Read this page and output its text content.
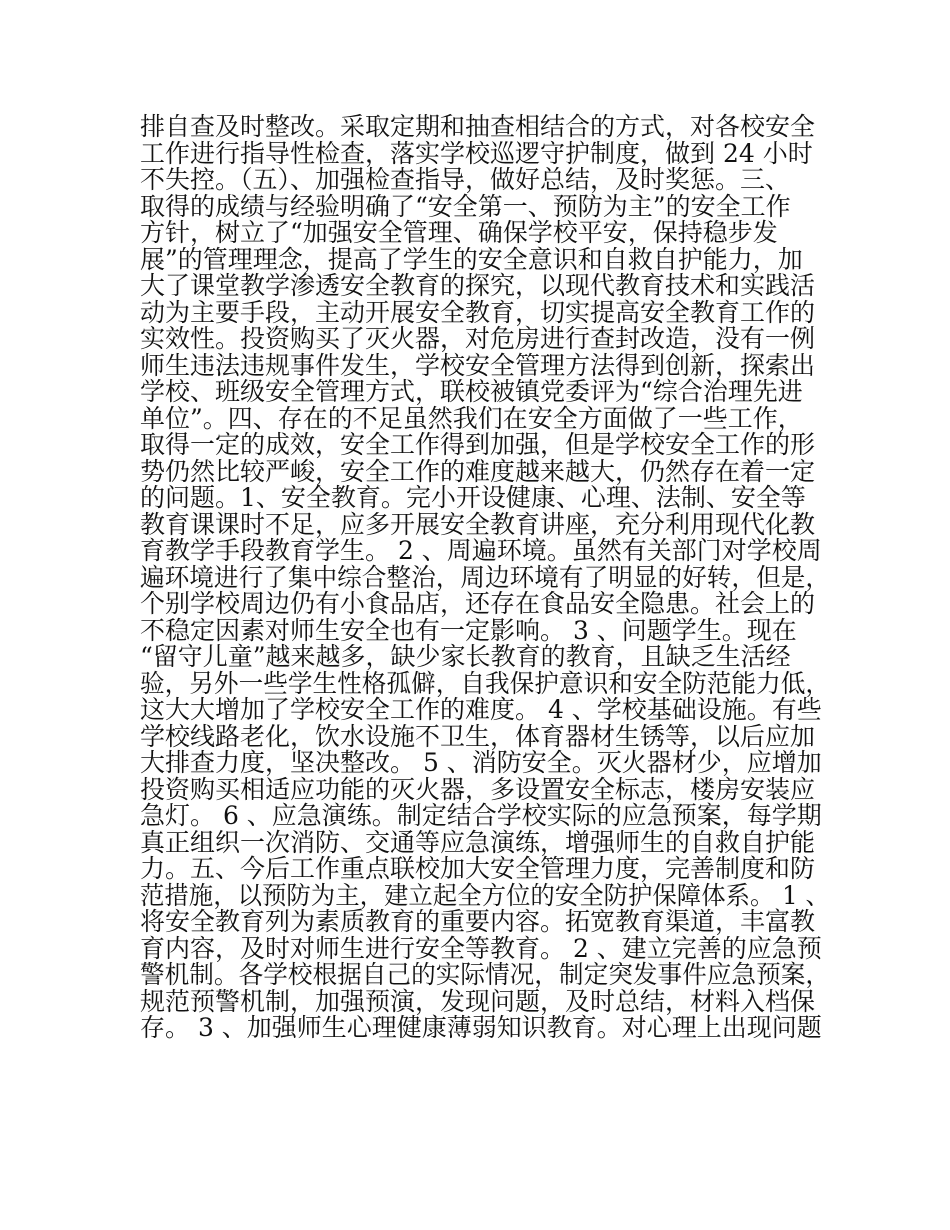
排自查及时整改。采取定期和抽查相结合的方式，对各校安全
工作进行指导性检查，落实学校巡逻守护制度，做到 24 小时
不失控。（五）、加强检查指导，做好总结，及时奖惩。三、
取得的成绩与经验明确了“安全第一、预防为主”的安全工作
方针，树立了“加强安全管理、确保学校平安，保持稳步发
展”的管理理念，提高了学生的安全意识和自救自护能力，加
大了课堂教学渗透安全教育的探究，以现代教育技术和实践活
动为主要手段，主动开展安全教育，切实提高安全教育工作的
实效性。投资购买了灭火器，对危房进行查封改造，没有一例
师生违法违规事件发生，学校安全管理方法得到创新，探索出
学校、班级安全管理方式，联校被镇党委评为“综合治理先进
单位”。四、存在的不足虽然我们在安全方面做了一些工作，
取得一定的成效，安全工作得到加强，但是学校安全工作的形
势仍然比较严峻，安全工作的难度越来越大，仍然存在着一定
的问题。1、安全教育。完小开设健康、心理、法制、安全等
教育课课时不足，应多开展安全教育讲座，充分利用现代化教
育教学手段教育学生。 2 、周遍环境。虽然有关部门对学校周
遍环境进行了集中综合整治，周边环境有了明显的好转，但是，
个别学校周边仍有小食品店，还存在食品安全隐患。社会上的
不稳定因素对师生安全也有一定影响。 3 、问题学生。现在
“留守儿童”越来越多，缺少家长教育的教育，且缺乏生活经
验，另外一些学生性格孤僻，自我保护意识和安全防范能力低，
这大大增加了学校安全工作的难度。 4 、学校基础设施。有些
学校线路老化，饮水设施不卫生，体育器材生锈等，以后应加
大排查力度，坚决整改。 5 、消防安全。灭火器材少，应增加
投资购买相适应功能的灭火器，多设置安全标志，楼房安装应
急灯。 6 、应急演练。制定结合学校实际的应急预案，每学期
真正组织一次消防、交通等应急演练，增强师生的自救自护能
力。五、今后工作重点联校加大安全管理力度，完善制度和防
范措施，以预防为主，建立起全方位的安全防护保障体系。 1 、
将安全教育列为素质教育的重要内容。拓宽教育渠道，丰富教
育内容，及时对师生进行安全等教育。 2 、建立完善的应急预
警机制。各学校根据自己的实际情况，制定突发事件应急预案，
规范预警机制，加强预演，发现问题，及时总结，材料入档保
存。 3 、加强师生心理健康薄弱知识教育。对心理上出现问题
